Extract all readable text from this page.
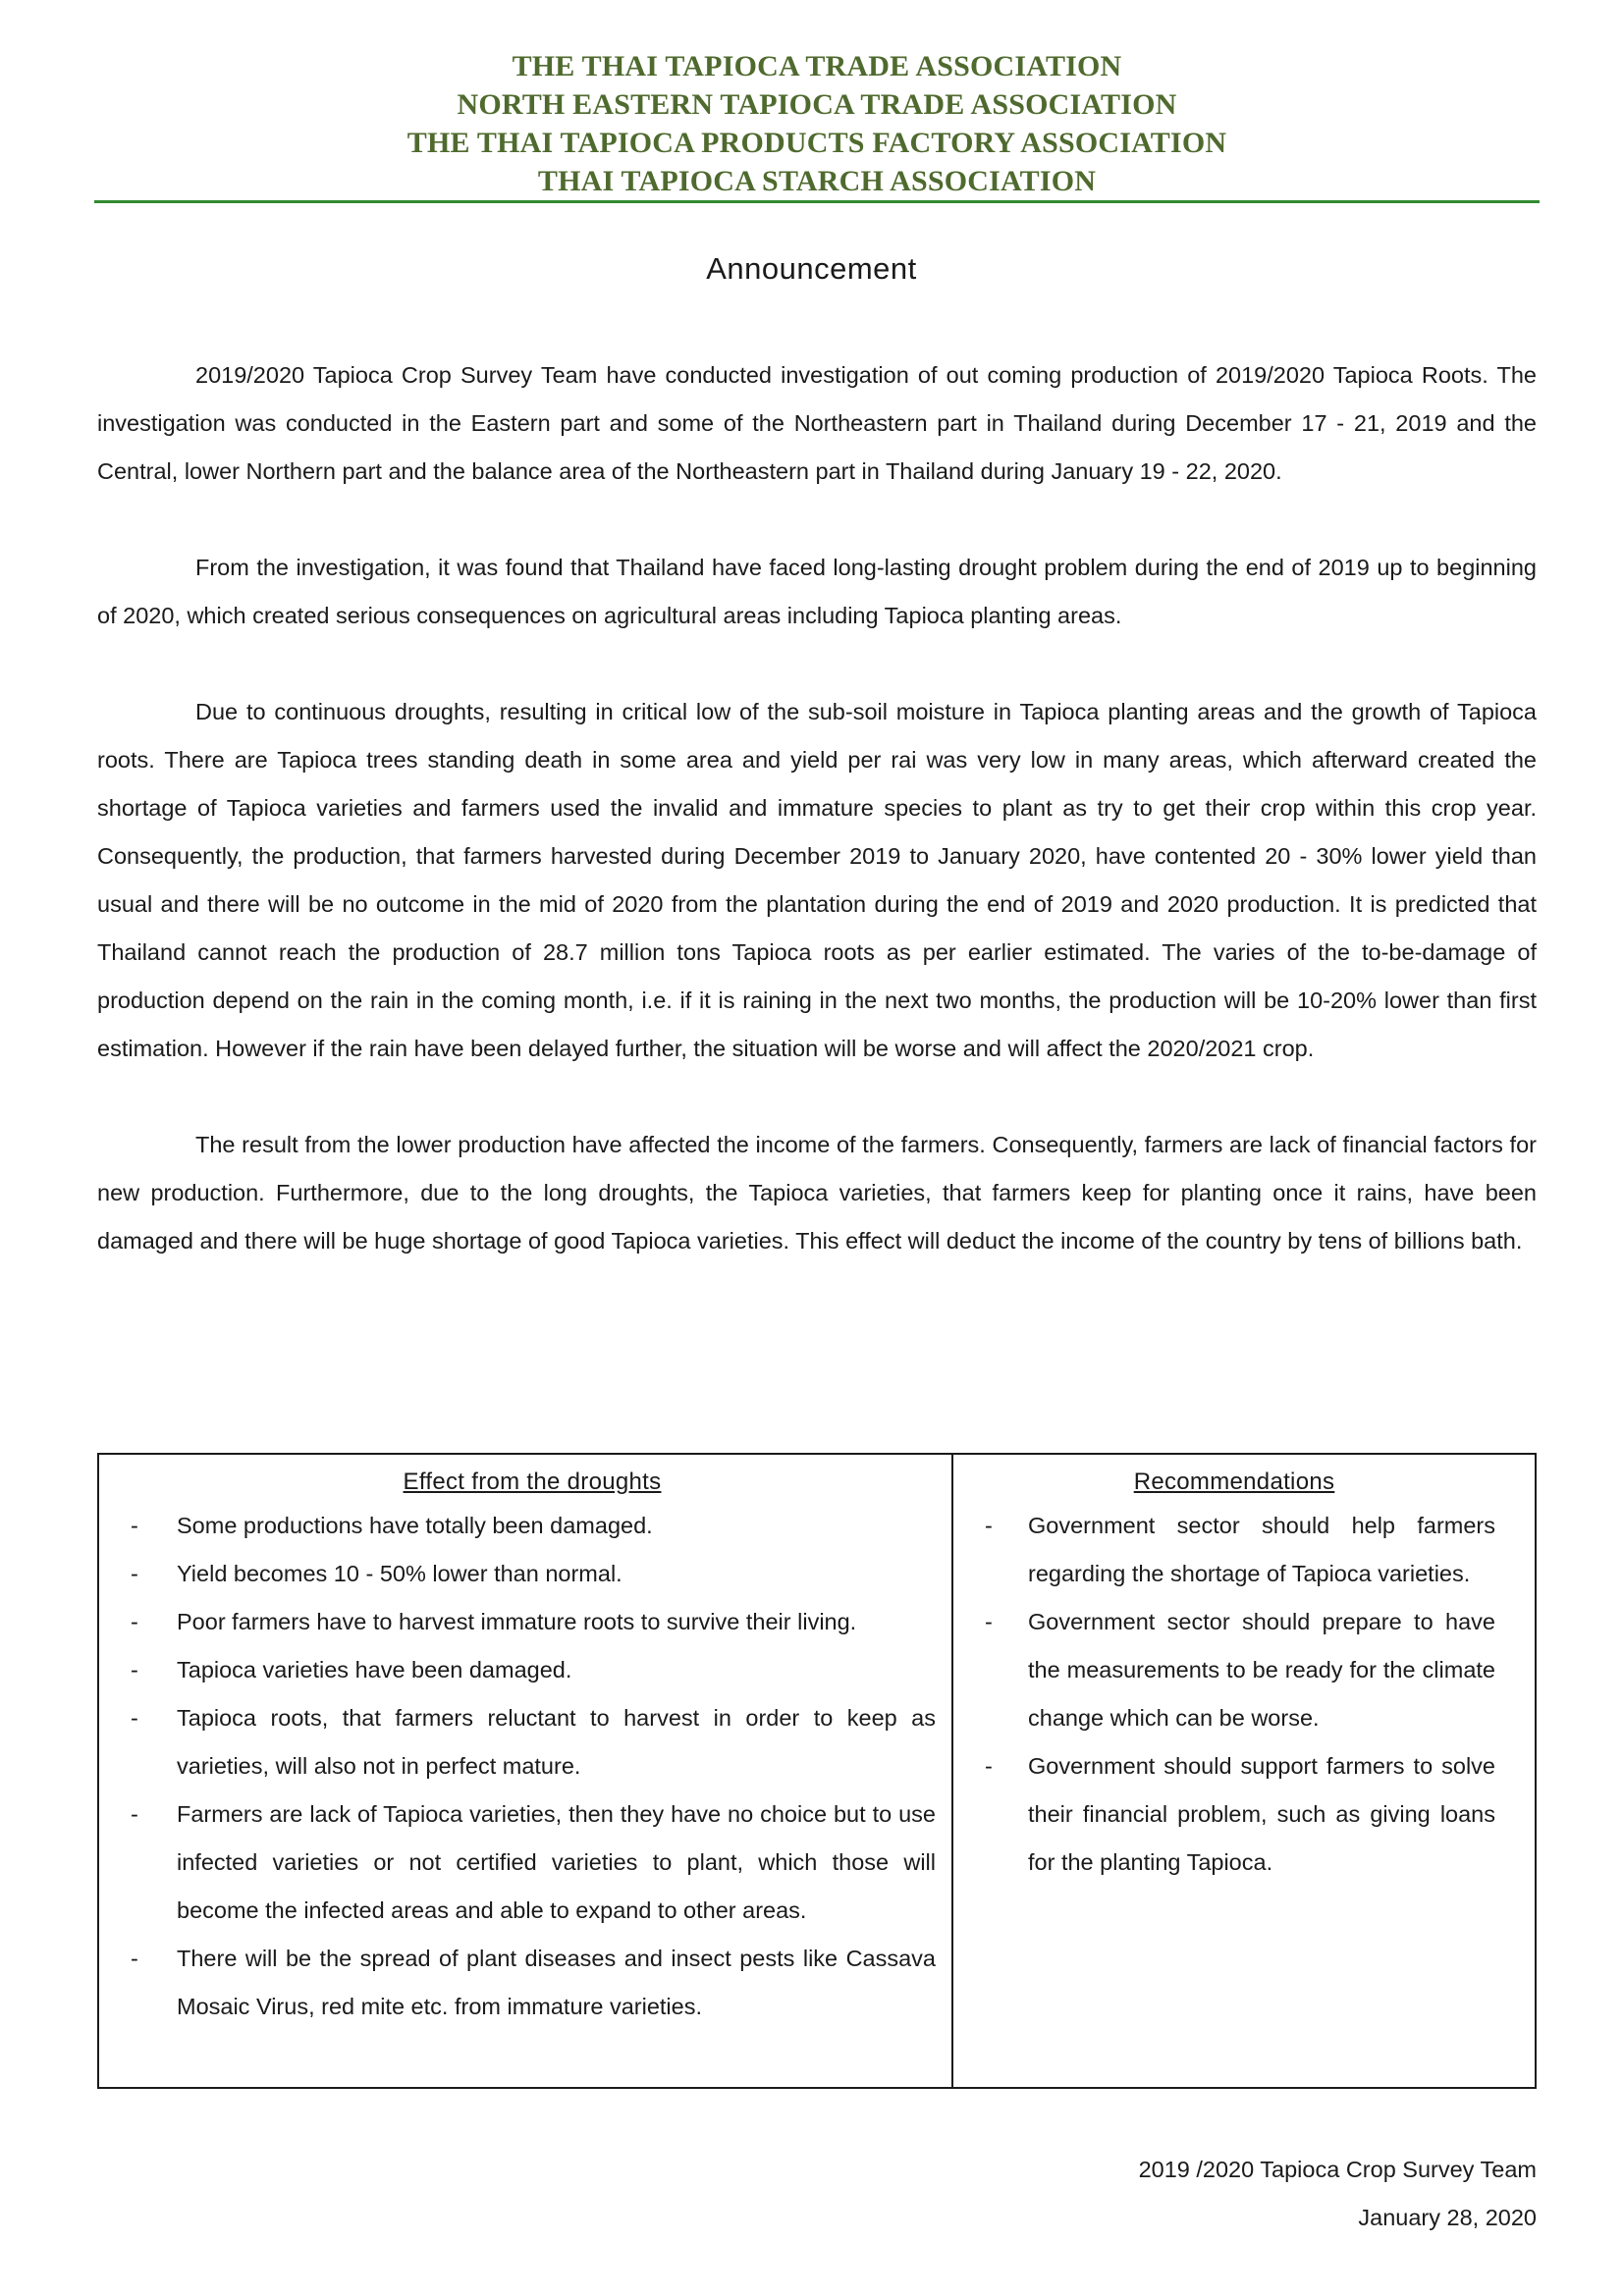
THE THAI TAPIOCA TRADE ASSOCIATION
NORTH EASTERN TAPIOCA TRADE ASSOCIATION
THE THAI TAPIOCA PRODUCTS FACTORY ASSOCIATION
THAI TAPIOCA STARCH ASSOCIATION
Announcement

2019/2020 Tapioca Crop Survey Team have conducted investigation of out coming production of 2019/2020 Tapioca Roots. The investigation was conducted in the Eastern part and some of the Northeastern part in Thailand during December 17 - 21, 2019 and the Central, lower Northern part and the balance area of the Northeastern part in Thailand during January 19 - 22, 2020.

From the investigation, it was found that Thailand have faced long-lasting drought problem during the end of 2019 up to beginning of 2020, which created serious consequences on agricultural areas including Tapioca planting areas.

Due to continuous droughts, resulting in critical low of the sub-soil moisture in Tapioca planting areas and the growth of Tapioca roots. There are Tapioca trees standing death in some area and yield per rai was very low in many areas, which afterward created the shortage of Tapioca varieties and farmers used the invalid and immature species to plant as try to get their crop within this crop year. Consequently, the production, that farmers harvested during December 2019 to January 2020, have contented 20 - 30% lower yield than usual and there will be no outcome in the mid of 2020 from the plantation during the end of 2019 and 2020 production. It is predicted that Thailand cannot reach the production of 28.7 million tons Tapioca roots as per earlier estimated. The varies of the to-be-damage of production depend on the rain in the coming month, i.e. if it is raining in the next two months, the production will be 10-20% lower than first estimation. However if the rain have been delayed further, the situation will be worse and will affect the 2020/2021 crop.

The result from the lower production have affected the income of the farmers. Consequently, farmers are lack of financial factors for new production. Furthermore, due to the long droughts, the Tapioca varieties, that farmers keep for planting once it rains, have been damaged and there will be huge shortage of good Tapioca varieties. This effect will deduct the income of the country by tens of billions bath.

Effect from the droughts
- Some productions have totally been damaged.
- Yield becomes 10 - 50% lower than normal.
- Poor farmers have to harvest immature roots to survive their living.
- Tapioca varieties have been damaged.
- Tapioca roots, that farmers reluctant to harvest in order to keep as varieties, will also not in perfect mature.
- Farmers are lack of Tapioca varieties, then they have no choice but to use infected varieties or not certified varieties to plant, which those will become the infected areas and able to expand to other areas.
- There will be the spread of plant diseases and insect pests like Cassava Mosaic Virus, red mite etc. from immature varieties.
Recommendations
- Government sector should help farmers regarding the shortage of Tapioca varieties.
- Government sector should prepare to have the measurements to be ready for the climate change which can be worse.
- Government should support farmers to solve their financial problem, such as giving loans for the planting Tapioca.
2019 /2020 Tapioca Crop Survey Team
January 28, 2020
